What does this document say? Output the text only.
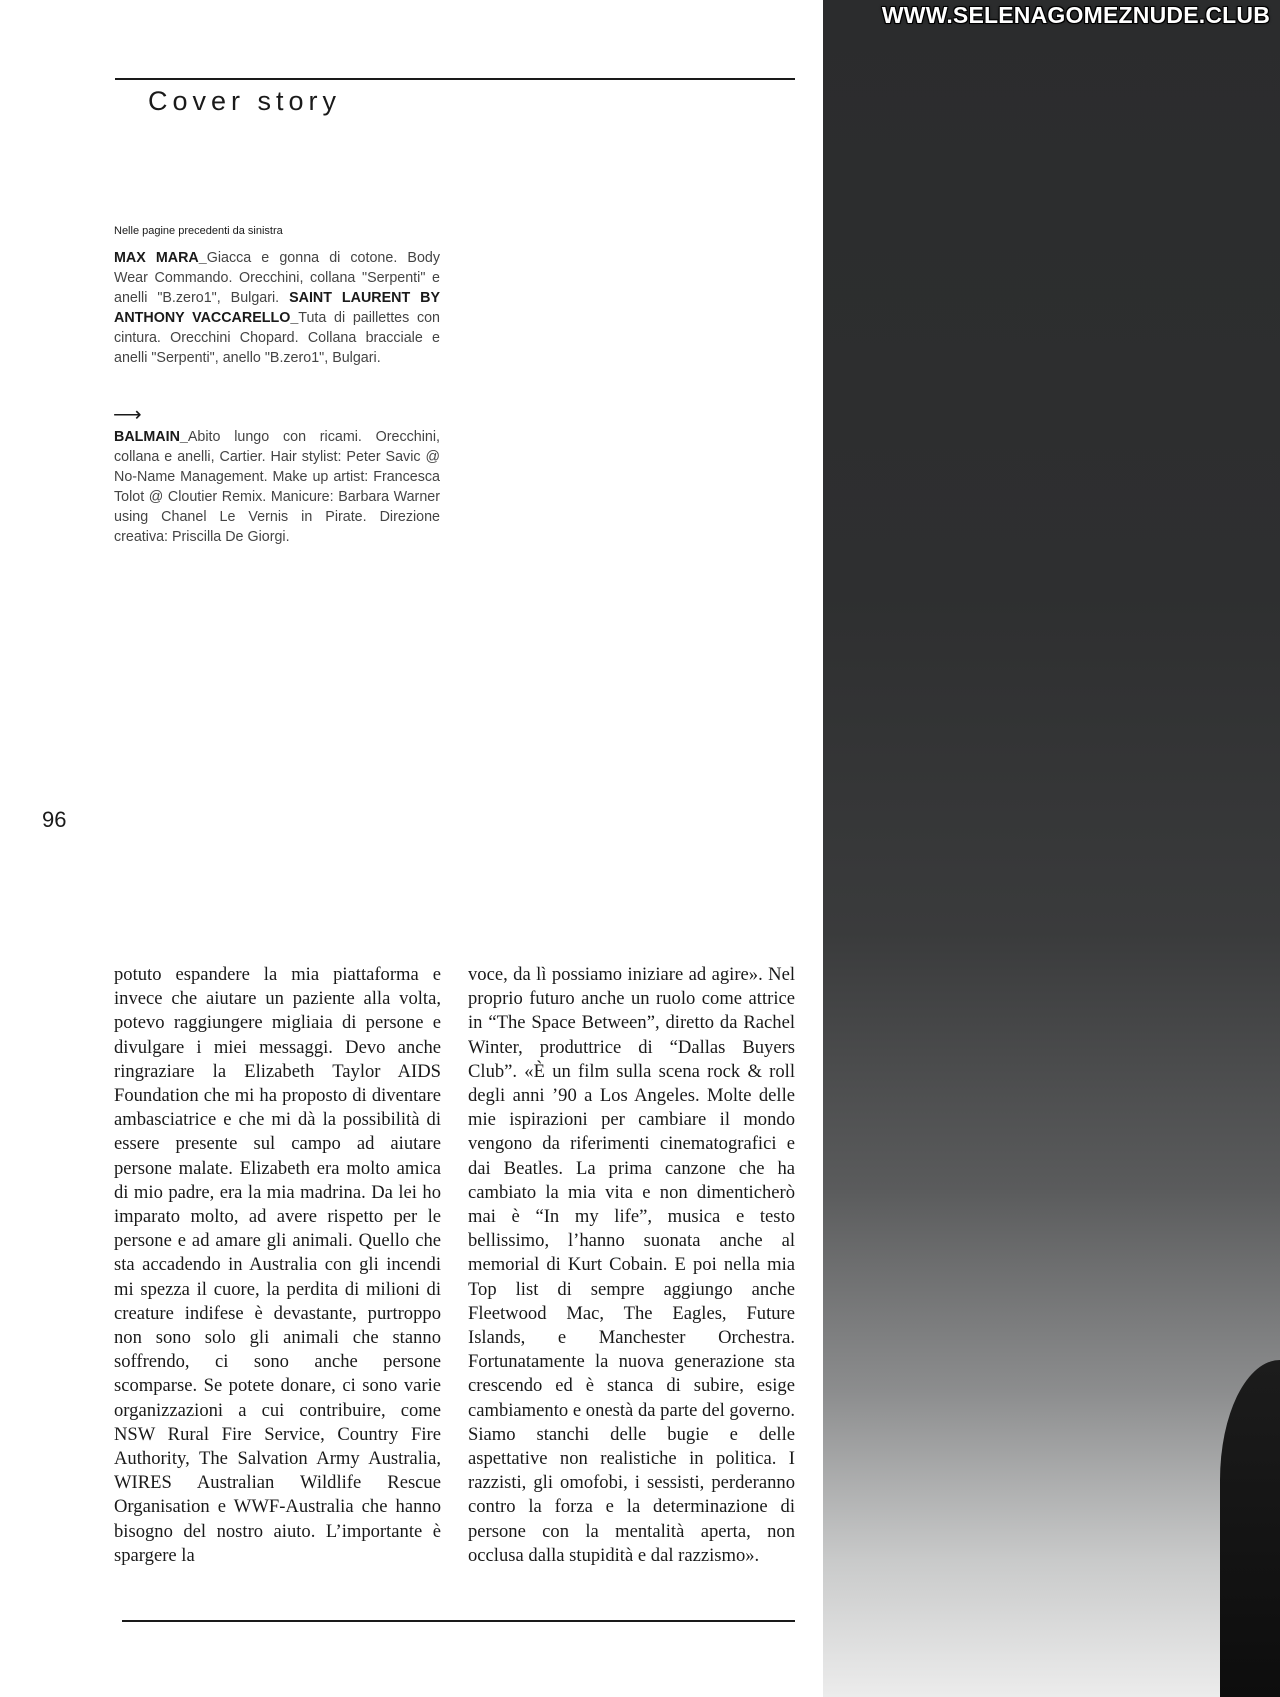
WWW.SELENAGOMEZNUDE.CLUB
Cover story
Nelle pagine precedenti da sinistra
MAX MARA_Giacca e gonna di cotone. Body Wear Commando. Orecchini, collana "Serpenti" e anelli "B.zero1", Bulgari. SAINT LAURENT BY ANTHONY VACCARELLO_Tuta di paillettes con cintura. Orecchini Chopard. Collana bracciale e anelli "Serpenti", anello "B.zero1", Bulgari.
⟶
BALMAIN_Abito lungo con ricami. Orecchini, collana e anelli, Cartier. Hair stylist: Peter Savic @ No-Name Management. Make up artist: Francesca Tolot @ Cloutier Remix. Manicure: Barbara Warner using Chanel Le Vernis in Pirate. Direzione creativa: Priscilla De Giorgi.
96
potuto espandere la mia piattaforma e invece che aiutare un paziente alla volta, potevo raggiungere migliaia di persone e divulgare i miei messaggi. Devo anche ringraziare la Elizabeth Taylor AIDS Foundation che mi ha proposto di diventare ambasciatrice e che mi dà la possibilità di essere presente sul campo ad aiutare persone malate. Elizabeth era molto amica di mio padre, era la mia madrina. Da lei ho imparato molto, ad avere rispetto per le persone e ad amare gli animali. Quello che sta accadendo in Australia con gli incendi mi spezza il cuore, la perdita di milioni di creature indifese è devastante, purtroppo non sono solo gli animali che stanno soffrendo, ci sono anche persone scomparse. Se potete donare, ci sono varie organizzazioni a cui contribuire, come NSW Rural Fire Service, Country Fire Authority, The Salvation Army Australia, WIRES Australian Wildlife Rescue Organisation e WWF-Australia che hanno bisogno del nostro aiuto. L’importante è spargere la
voce, da lì possiamo iniziare ad agire». Nel proprio futuro anche un ruolo come attrice in “The Space Between”, diretto da Rachel Winter, produttrice di “Dallas Buyers Club”. «È un film sulla scena rock & roll degli anni ’90 a Los Angeles. Molte delle mie ispirazioni per cambiare il mondo vengono da riferimenti cinematografici e dai Beatles. La prima canzone che ha cambiato la mia vita e non dimenticherò mai è “In my life”, musica e testo bellissimo, l’hanno suonata anche al memorial di Kurt Cobain. E poi nella mia Top list di sempre aggiungo anche Fleetwood Mac, The Eagles, Future Islands, e Manchester Orchestra. Fortunatamente la nuova generazione sta crescendo ed è stanca di subire, esige cambiamento e onestà da parte del governo. Siamo stanchi delle bugie e delle aspettative non realistiche in politica. I razzisti, gli omofobi, i sessisti, perderanno contro la forza e la determinazione di persone con la mentalità aperta, non occlusa dalla stupidità e dal razzismo».
